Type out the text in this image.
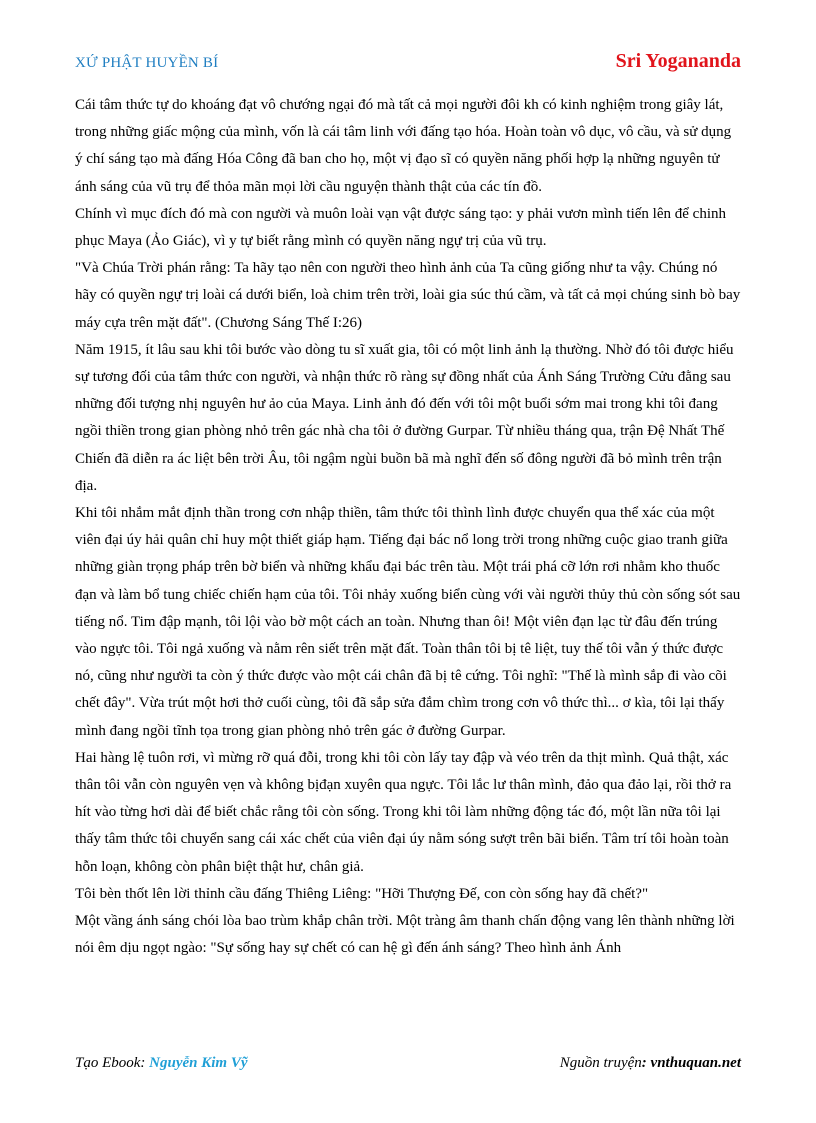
XỨ PHẬT HUYỀN BÍ	Sri Yogananda

Cái tâm thức tự do khoáng đạt vô chướng ngại đó mà tất cả mọi người đôi kh có kinh nghiệm trong giây lát, trong những giấc mộng của mình, vốn là cái tâm linh với đấng tạo hóa. Hoàn toàn vô dục, vô cầu, và sử dụng ý chí sáng tạo mà đấng Hóa Công đã ban cho họ, một vị đạo sĩ có quyền năng phối hợp lạ những nguyên tử ánh sáng của vũ trụ để thỏa mãn mọi lời cầu nguyện thành thật của các tín đồ.

Chính vì mục đích đó mà con người và muôn loài vạn vật được sáng tạo: y phải vươn mình tiến lên để chinh phục Maya (Ảo Giác), vì y tự biết rằng mình có quyền năng ngự trị của vũ trụ.

"Và Chúa Trời phán rằng: Ta hãy tạo nên con người theo hình ảnh của Ta cũng giống như ta vậy. Chúng nó hãy có quyền ngự trị loài cá dưới biển, loà chim trên trời, loài gia súc thú cầm, và tất cả mọi chúng sinh bò bay máy cựa trên mặt đất". (Chương Sáng Thế I:26)

Năm 1915, ít lâu sau khi tôi bước vào dòng tu sĩ xuất gia, tôi có một linh ảnh lạ thường. Nhờ đó tôi được hiểu sự tương đối của tâm thức con người, và nhận thức rõ ràng sự đồng nhất của Ánh Sáng Trường Cửu đằng sau những đối tượng nhị nguyên hư ảo của Maya. Linh ảnh đó đến với tôi một buổi sớm mai trong khi tôi đang ngồi thiền trong gian phòng nhỏ trên gác nhà cha tôi ở đường Gurpar. Từ nhiều tháng qua, trận Đệ Nhất Thế Chiến đã diễn ra ác liệt bên trời Âu, tôi ngậm ngùi buồn bã mà nghĩ đến số đông người đã bỏ mình trên trận địa.

Khi tôi nhắm mắt định thần trong cơn nhập thiền, tâm thức tôi thình lình được chuyển qua thể xác của một viên đại úy hải quân chỉ huy một thiết giáp hạm. Tiếng đại bác nổ long trời trong những cuộc giao tranh giữa những giàn trọng pháp trên bờ biển và những khẩu đại bác trên tàu. Một trái phá cỡ lớn rơi nhằm kho thuốc đạn và làm bổ tung chiếc chiến hạm của tôi. Tôi nhảy xuống biển cùng với vài người thủy thủ còn sống sót sau tiếng nổ. Tim đập mạnh, tôi lội vào bờ một cách an toàn. Nhưng than ôi! Một viên đạn lạc từ đâu đến trúng vào ngực tôi. Tôi ngả xuống và nằm rên siết trên mặt đất. Toàn thân tôi bị tê liệt, tuy thế tôi vẫn ý thức được nó, cũng như người ta còn ý thức được vào một cái chân đã bị tê cứng. Tôi nghĩ: "Thế là mình sắp đi vào cõi chết đây". Vừa trút một hơi thở cuối cùng, tôi đã sắp sửa đắm chìm trong cơn vô thức thì... ơ kìa, tôi lại thấy mình đang ngồi tĩnh tọa trong gian phòng nhỏ trên gác ở đường Gurpar.

Hai hàng lệ tuôn rơi, vì mừng rỡ quá đỗi, trong khi tôi còn lấy tay đập và véo trên da thịt mình. Quả thật, xác thân tôi vẫn còn nguyên vẹn và không bịđạn xuyên qua ngực. Tôi lắc lư thân mình, đảo qua đảo lại, rồi thở ra hít vào từng hơi dài để biết chắc rằng tôi còn sống. Trong khi tôi làm những động tác đó, một lần nữa tôi lại thấy tâm thức tôi chuyển sang cái xác chết của viên đại úy nằm sóng sượt trên bãi biển. Tâm trí tôi hoàn toàn hỗn loạn, không còn phân biệt thật hư, chân giả.

Tôi bèn thốt lên lời thỉnh cầu đấng Thiêng Liêng: "Hỡi Thượng Đế, con còn sống hay đã chết?"

Một vầng ánh sáng chói lòa bao trùm khắp chân trời. Một tràng âm thanh chấn động vang lên thành những lời nói êm dịu ngọt ngào: "Sự sống hay sự chết có can hệ gì đến ánh sáng? Theo hình ảnh Ánh

Tạo Ebook: Nguyễn Kim Vỹ	Nguồn truyện: vnthuquan.net
